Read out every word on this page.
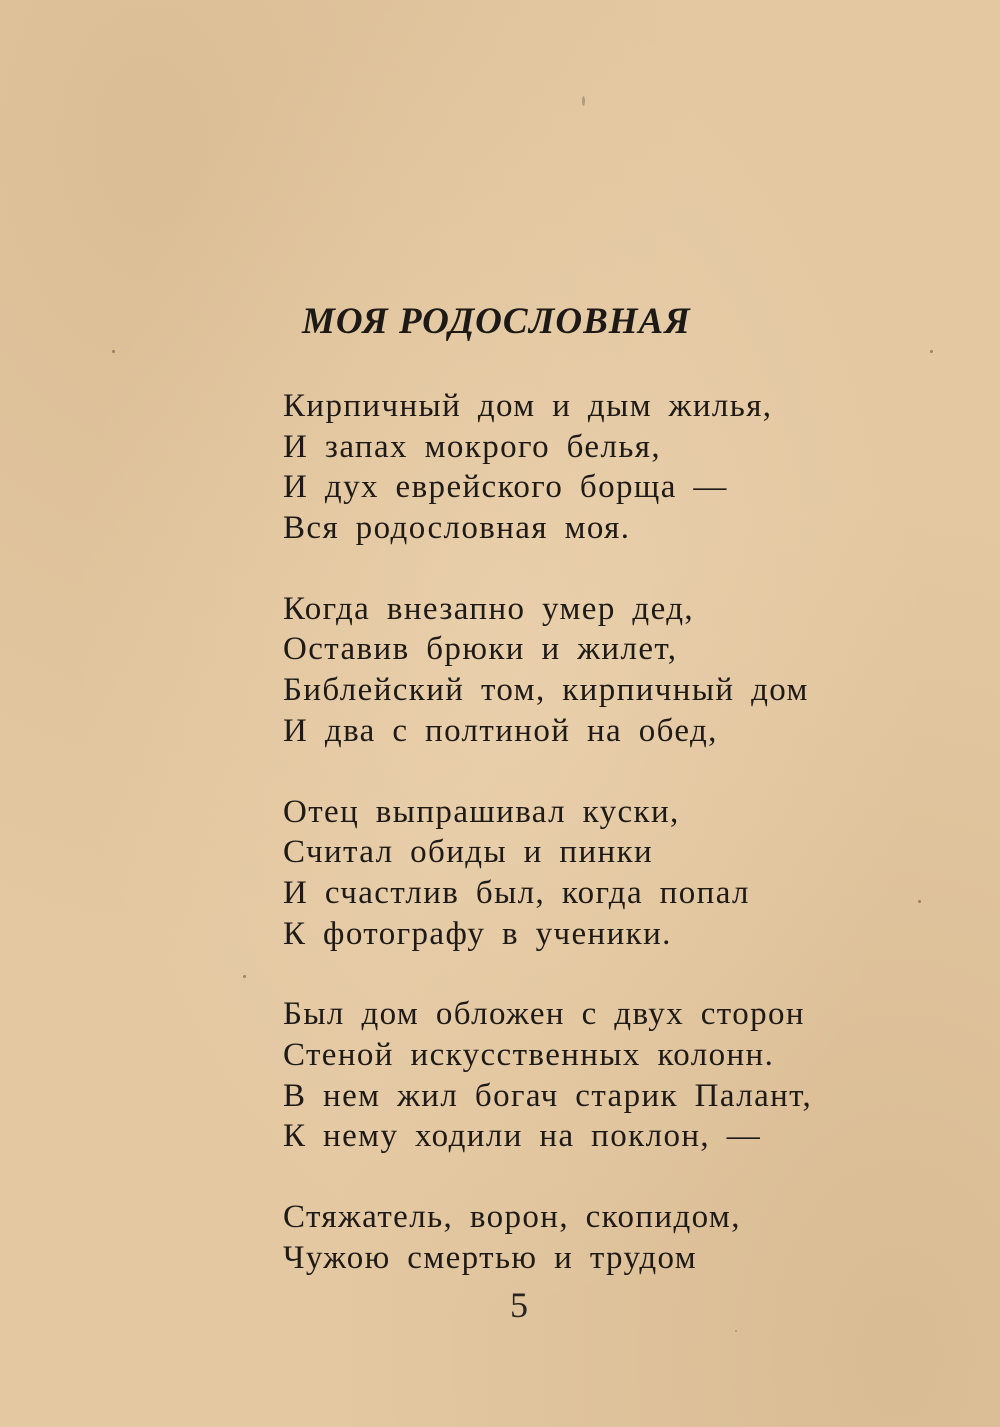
МОЯ РОДОСЛОВНАЯ
Кирпичный дом и дым жилья,
И запах мокрого белья,
И дух еврейского борща —
Вся родословная моя.
Когда внезапно умер дед,
Оставив брюки и жилет,
Библейский том, кирпичный дом
И два с полтиной на обед,
Отец выпрашивал куски,
Считал обиды и пинки
И счастлив был, когда попал
К фотографу в ученики.
Был дом обложен с двух сторон
Стеной искусственных колонн.
В нем жил богач старик Палант,
К нему ходили на поклон, —
Стяжатель, ворон, скопидом,
Чужою смертью и трудом
5
